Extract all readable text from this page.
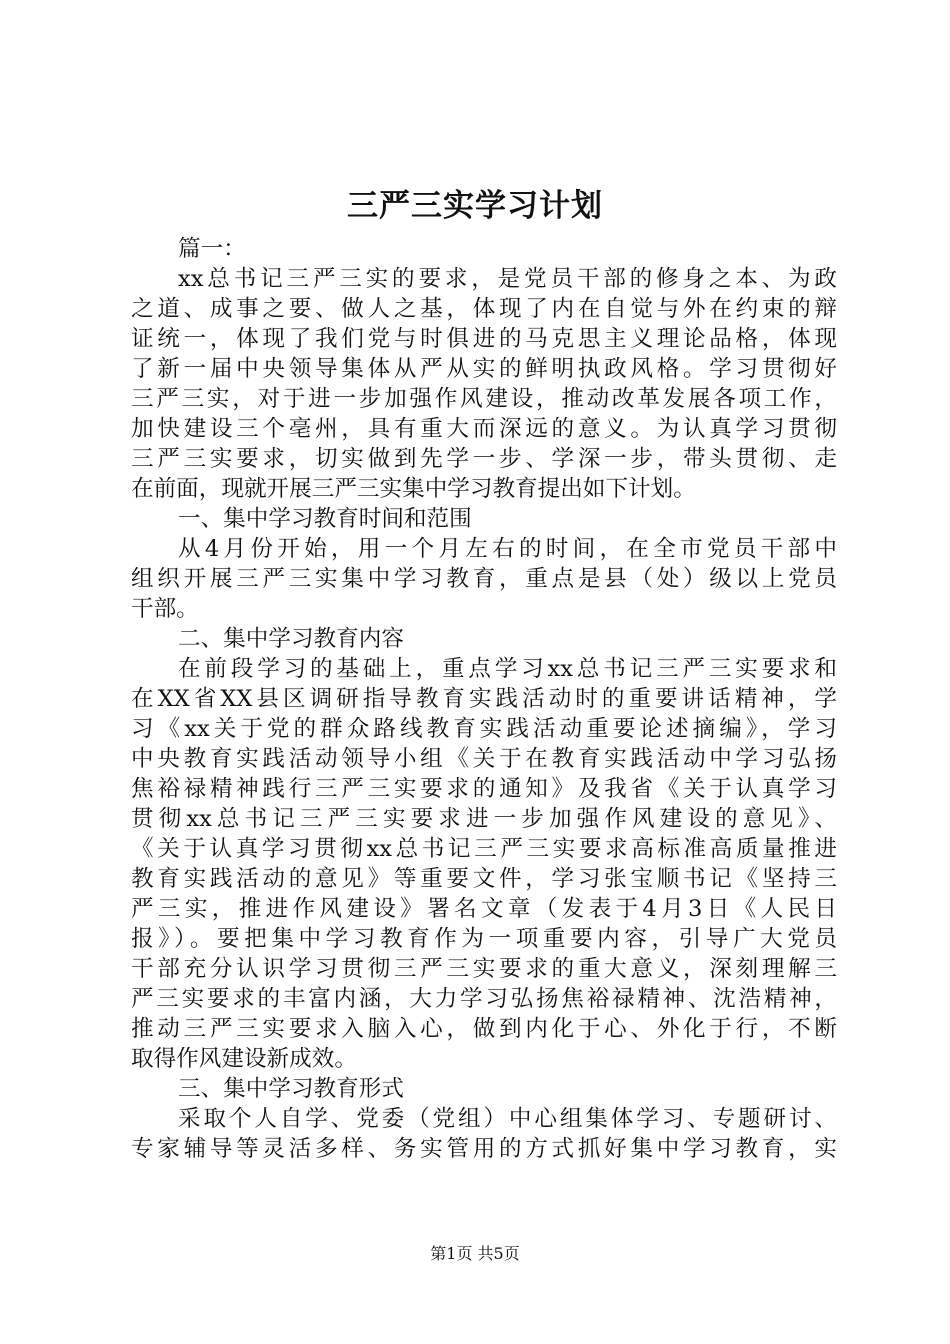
三严三实学习计划
篇一：
xx总书记三严三实的要求，是党员干部的修身之本、为政
之道、成事之要、做人之基，体现了内在自觉与外在约束的辩
证统一，体现了我们党与时俱进的马克思主义理论品格，体现
了新一届中央领导集体从严从实的鲜明执政风格。学习贯彻好
三严三实，对于进一步加强作风建设，推动改革发展各项工作，
加快建设三个亳州，具有重大而深远的意义。为认真学习贯彻
三严三实要求，切实做到先学一步、学深一步，带头贯彻、走
在前面，现就开展三严三实集中学习教育提出如下计划。
一、集中学习教育时间和范围
从4月份开始，用一个月左右的时间，在全市党员干部中
组织开展三严三实集中学习教育，重点是县（处）级以上党员
干部。
二、集中学习教育内容
在前段学习的基础上，重点学习xx总书记三严三实要求和
在XX省XX县区调研指导教育实践活动时的重要讲话精神，学
习《xx关于党的群众路线教育实践活动重要论述摘编》，学习
中央教育实践活动领导小组《关于在教育实践活动中学习弘扬
焦裕禄精神践行三严三实要求的通知》及我省《关于认真学习
贯彻xx总书记三严三实要求进一步加强作风建设的意见》、
《关于认真学习贯彻xx总书记三严三实要求高标准高质量推进
教育实践活动的意见》等重要文件，学习张宝顺书记《坚持三
严三实，推进作风建设》署名文章（发表于4月3日《人民日
报》）。要把集中学习教育作为一项重要内容，引导广大党员
干部充分认识学习贯彻三严三实要求的重大意义，深刻理解三
严三实要求的丰富内涵，大力学习弘扬焦裕禄精神、沈浩精神，
推动三严三实要求入脑入心，做到内化于心、外化于行，不断
取得作风建设新成效。
三、集中学习教育形式
采取个人自学、党委（党组）中心组集体学习、专题研讨、
专家辅导等灵活多样、务实管用的方式抓好集中学习教育，实
第1页 共5页
